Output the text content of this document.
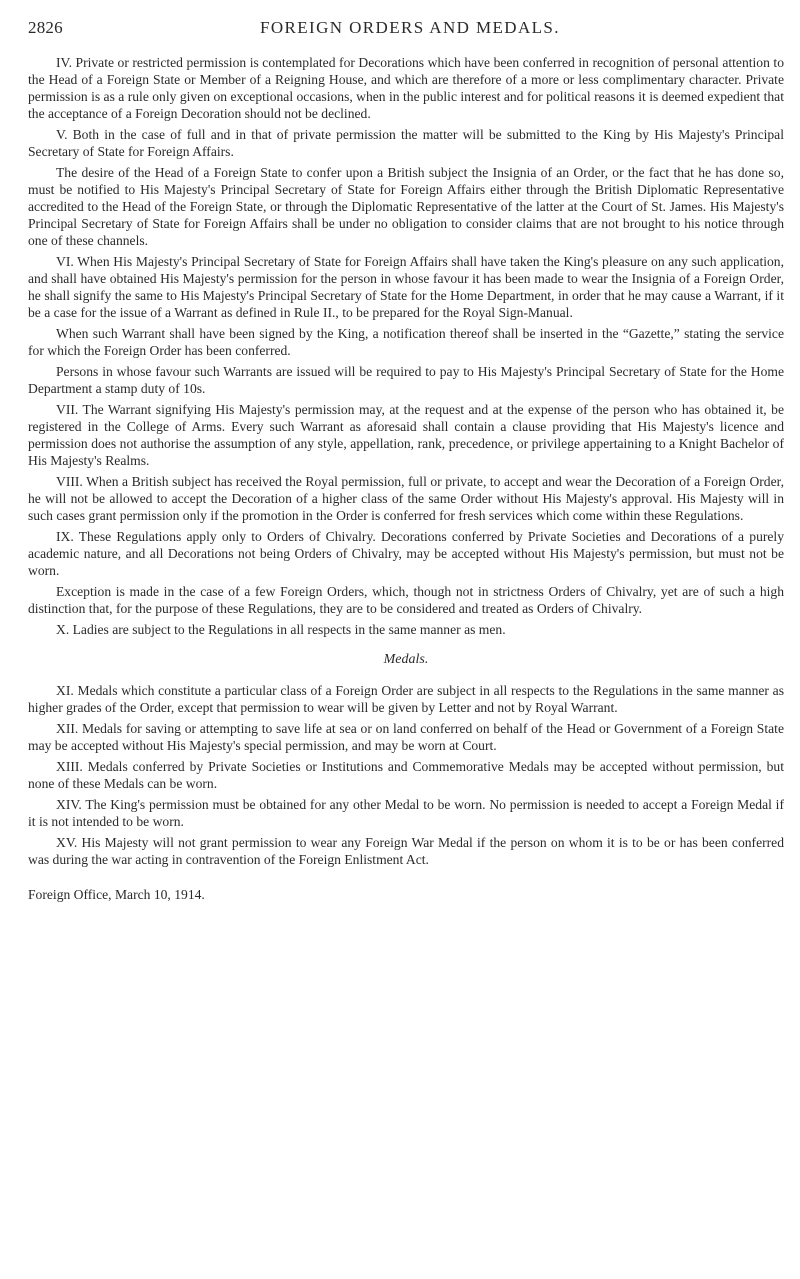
2826	FOREIGN ORDERS AND MEDALS.

IV. Private or restricted permission is contemplated for Decorations which have been conferred in recognition of personal attention to the Head of a Foreign State or Member of a Reigning House, and which are therefore of a more or less complimentary character. Private permission is as a rule only given on exceptional occasions, when in the public interest and for political reasons it is deemed expedient that the acceptance of a Foreign Decoration should not be declined.

V. Both in the case of full and in that of private permission the matter will be submitted to the King by His Majesty's Principal Secretary of State for Foreign Affairs.

The desire of the Head of a Foreign State to confer upon a British subject the Insignia of an Order, or the fact that he has done so, must be notified to His Majesty's Principal Secretary of State for Foreign Affairs either through the British Diplomatic Representative accredited to the Head of the Foreign State, or through the Diplomatic Representative of the latter at the Court of St. James. His Majesty's Principal Secretary of State for Foreign Affairs shall be under no obligation to consider claims that are not brought to his notice through one of these channels.

VI. When His Majesty's Principal Secretary of State for Foreign Affairs shall have taken the King's pleasure on any such application, and shall have obtained His Majesty's permission for the person in whose favour it has been made to wear the Insignia of a Foreign Order, he shall signify the same to His Majesty's Principal Secretary of State for the Home Department, in order that he may cause a Warrant, if it be a case for the issue of a Warrant as defined in Rule II., to be prepared for the Royal Sign-Manual.

When such Warrant shall have been signed by the King, a notification thereof shall be inserted in the “Gazette,” stating the service for which the Foreign Order has been conferred.

Persons in whose favour such Warrants are issued will be required to pay to His Majesty's Principal Secretary of State for the Home Department a stamp duty of 10s.

VII. The Warrant signifying His Majesty's permission may, at the request and at the expense of the person who has obtained it, be registered in the College of Arms. Every such Warrant as aforesaid shall contain a clause providing that His Majesty's licence and permission does not authorise the assumption of any style, appellation, rank, precedence, or privilege appertaining to a Knight Bachelor of His Majesty's Realms.

VIII. When a British subject has received the Royal permission, full or private, to accept and wear the Decoration of a Foreign Order, he will not be allowed to accept the Decoration of a higher class of the same Order without His Majesty's approval. His Majesty will in such cases grant permission only if the promotion in the Order is conferred for fresh services which come within these Regulations.

IX. These Regulations apply only to Orders of Chivalry. Decorations conferred by Private Societies and Decorations of a purely academic nature, and all Decorations not being Orders of Chivalry, may be accepted without His Majesty's permission, but must not be worn.

Exception is made in the case of a few Foreign Orders, which, though not in strictness Orders of Chivalry, yet are of such a high distinction that, for the purpose of these Regulations, they are to be considered and treated as Orders of Chivalry.

X. Ladies are subject to the Regulations in all respects in the same manner as men.

Medals.

XI. Medals which constitute a particular class of a Foreign Order are subject in all respects to the Regulations in the same manner as higher grades of the Order, except that permission to wear will be given by Letter and not by Royal Warrant.

XII. Medals for saving or attempting to save life at sea or on land conferred on behalf of the Head or Government of a Foreign State may be accepted without His Majesty's special permission, and may be worn at Court.

XIII. Medals conferred by Private Societies or Institutions and Commemorative Medals may be accepted without permission, but none of these Medals can be worn.

XIV. The King's permission must be obtained for any other Medal to be worn. No permission is needed to accept a Foreign Medal if it is not intended to be worn.

XV. His Majesty will not grant permission to wear any Foreign War Medal if the person on whom it is to be or has been conferred was during the war acting in contravention of the Foreign Enlistment Act.

Foreign Office, March 10, 1914.
